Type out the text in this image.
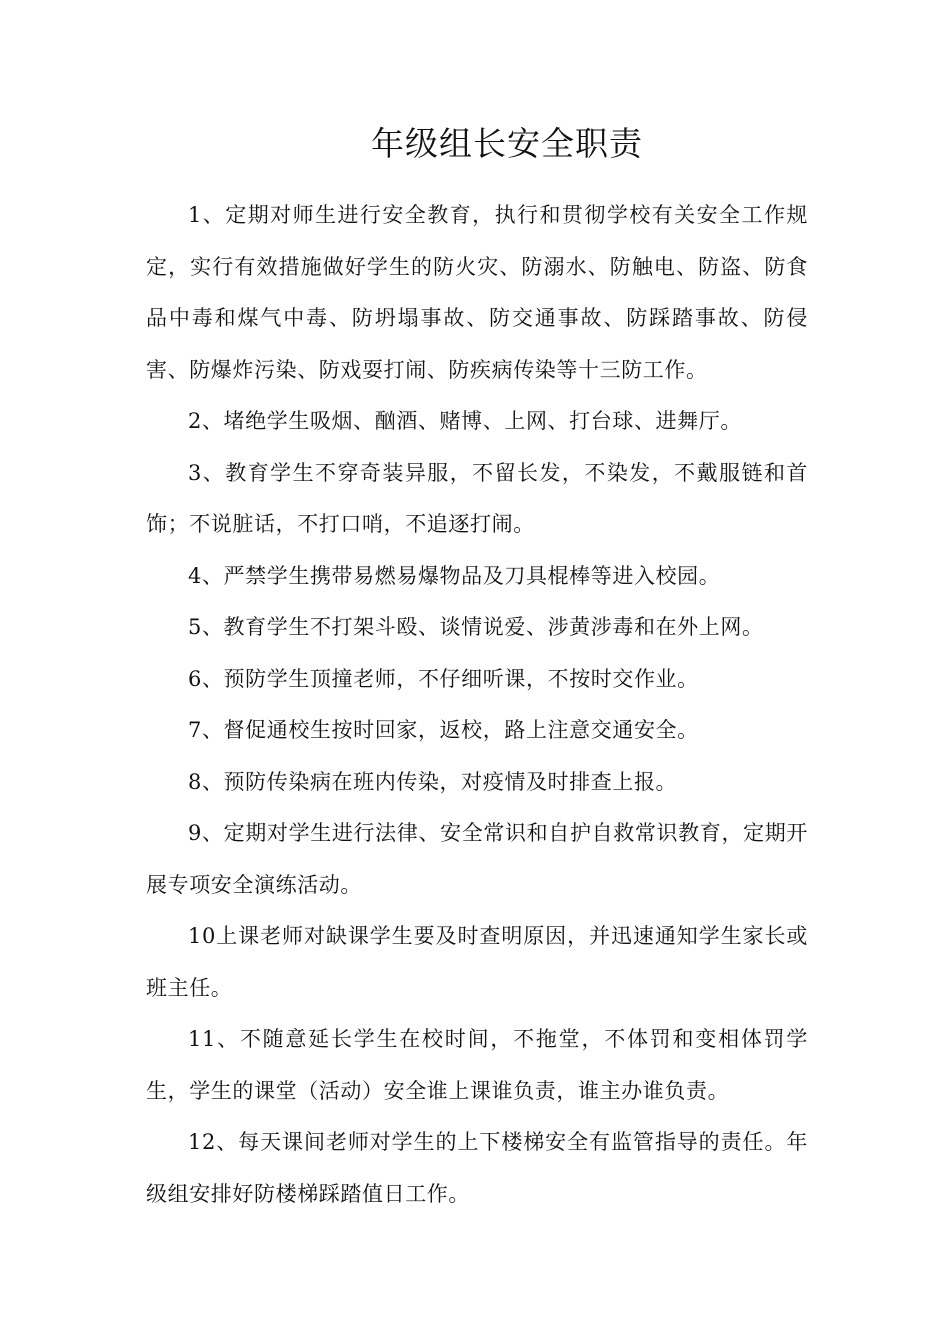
年级组长安全职责

1、定期对师生进行安全教育，执行和贯彻学校有关安全工作规定，实行有效措施做好学生的防火灾、防溺水、防触电、防盗、防食品中毒和煤气中毒、防坍塌事故、防交通事故、防踩踏事故、防侵害、防爆炸污染、防戏耍打闹、防疾病传染等十三防工作。

2、堵绝学生吸烟、酗酒、赌博、上网、打台球、进舞厅。

3、教育学生不穿奇装异服，不留长发，不染发，不戴服链和首饰；不说脏话，不打口哨，不追逐打闹。

4、严禁学生携带易燃易爆物品及刀具棍棒等进入校园。

5、教育学生不打架斗殴、谈情说爱、涉黄涉毒和在外上网。

6、预防学生顶撞老师，不仔细听课，不按时交作业。

7、督促通校生按时回家，返校，路上注意交通安全。

8、预防传染病在班内传染，对疫情及时排查上报。

9、定期对学生进行法律、安全常识和自护自救常识教育，定期开展专项安全演练活动。

10上课老师对缺课学生要及时查明原因，并迅速通知学生家长或班主任。

11、不随意延长学生在校时间，不拖堂，不体罚和变相体罚学生，学生的课堂（活动）安全谁上课谁负责，谁主办谁负责。

12、每天课间老师对学生的上下楼梯安全有监管指导的责任。年级组安排好防楼梯踩踏值日工作。
